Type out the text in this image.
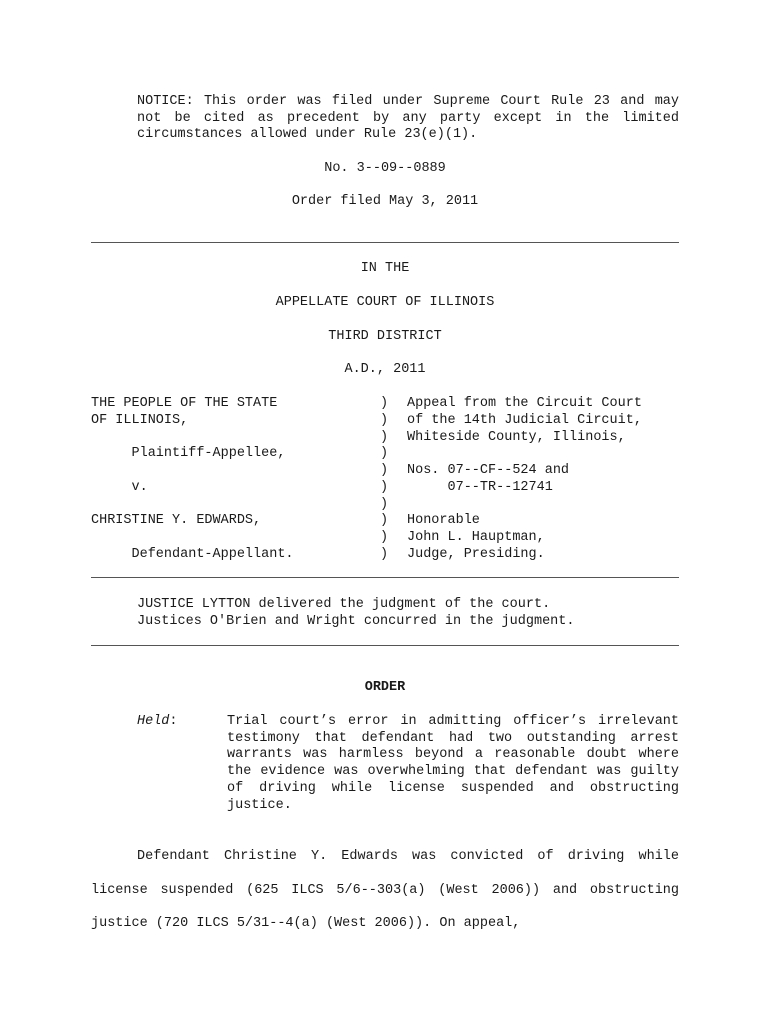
NOTICE: This order was filed under Supreme Court Rule 23 and may not be cited as precedent by any party except in the limited circumstances allowed under Rule 23(e)(1).
No. 3--09--0889
Order filed May 3, 2011
IN THE
APPELLATE COURT OF ILLINOIS
THIRD DISTRICT
A.D., 2011
THE PEOPLE OF THE STATE
OF ILLINOIS,
Plaintiff-Appellee,
v.
CHRISTINE Y. EDWARDS,
Defendant-Appellant.
)
)
)
)
)
)
)
)
)
)
Appeal from the Circuit Court
of the 14th Judicial Circuit,
Whiteside County, Illinois,
Nos. 07--CF--524 and
07--TR--12741
Honorable
John L. Hauptman,
Judge, Presiding.
JUSTICE LYTTON delivered the judgment of the court.
Justices O'Brien and Wright concurred in the judgment.
ORDER
Held:	Trial court’s error in admitting officer’s irrelevant testimony that defendant had two outstanding arrest warrants was harmless beyond a reasonable doubt where the evidence was overwhelming that defendant was guilty of driving while license suspended and obstructing justice.
Defendant Christine Y. Edwards was convicted of driving while license suspended (625 ILCS 5/6--303(a) (West 2006)) and obstructing justice (720 ILCS 5/31--4(a) (West 2006)). On appeal,
